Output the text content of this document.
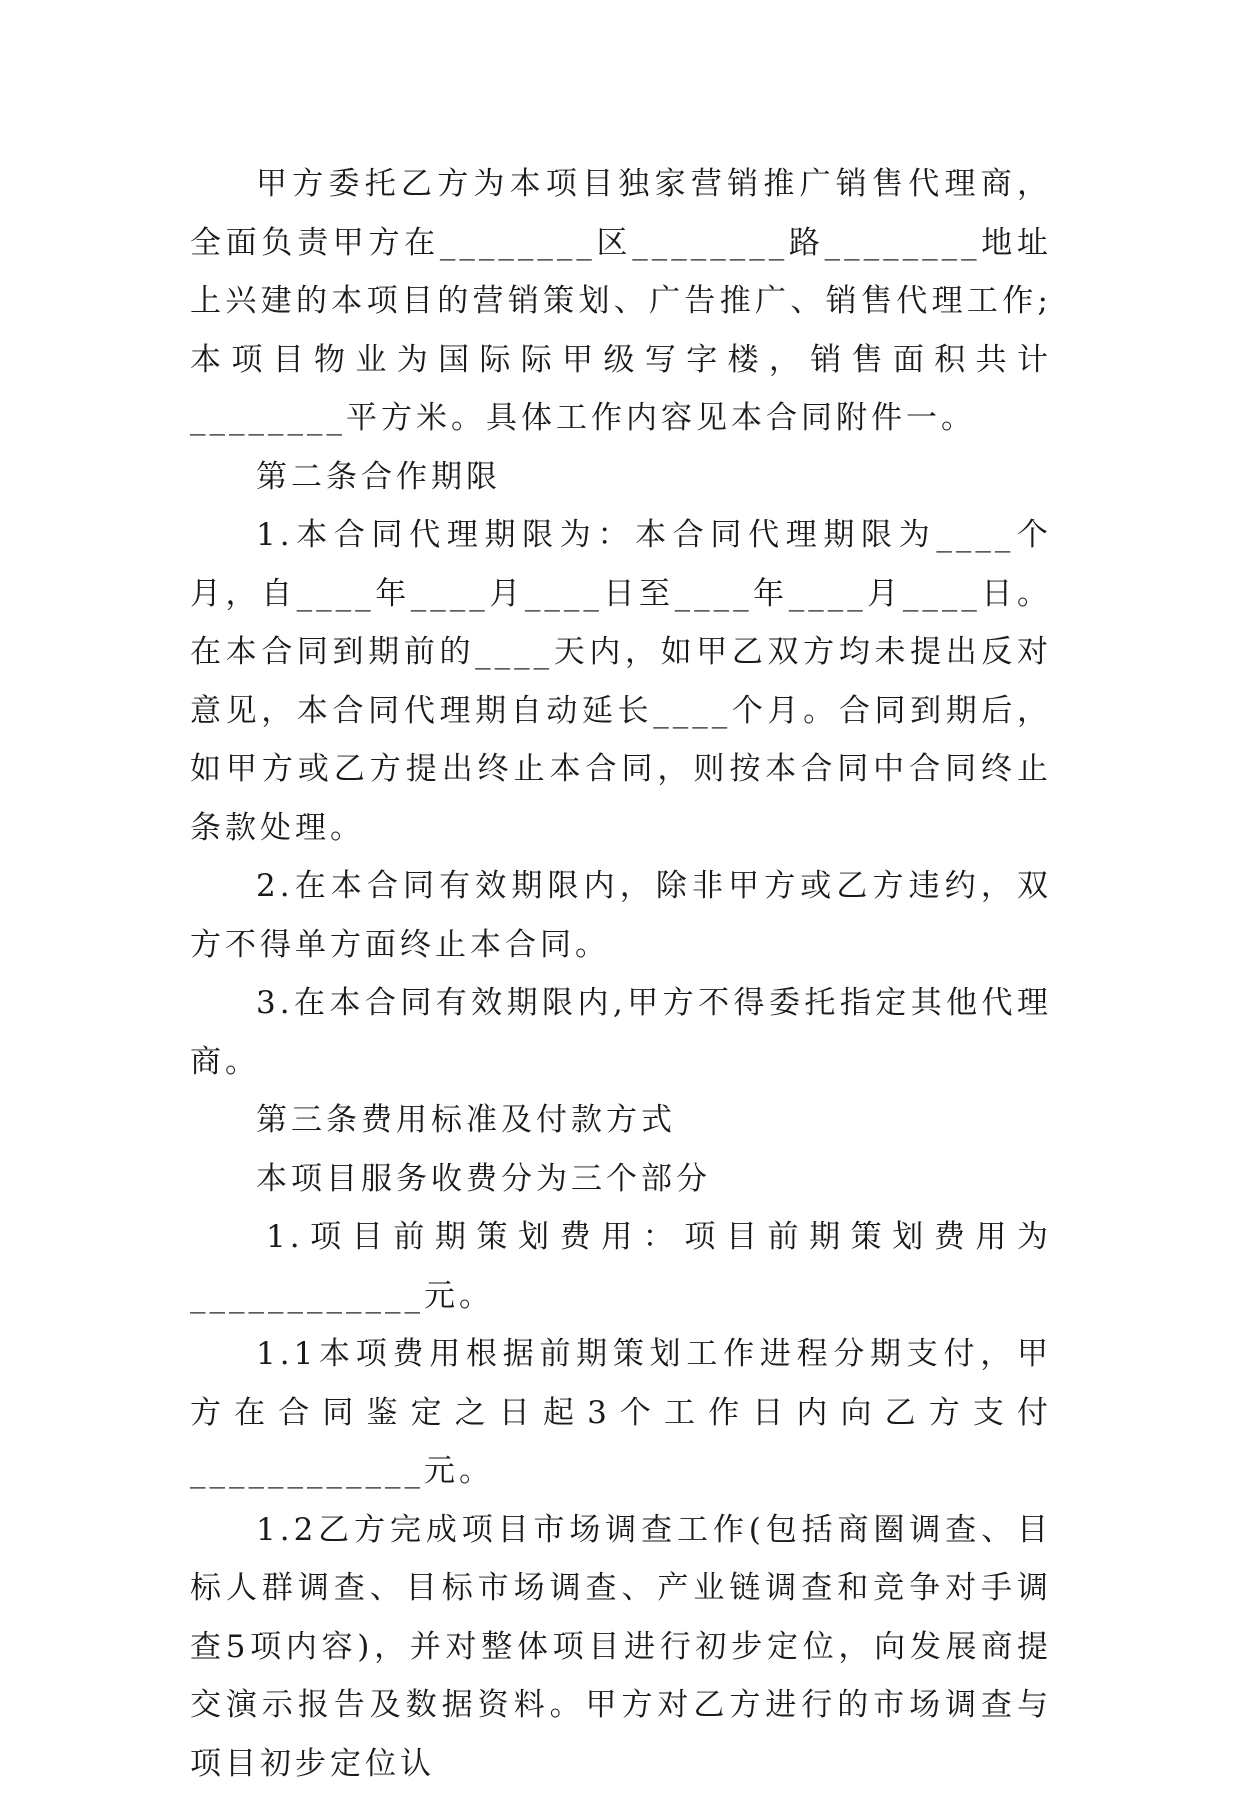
甲方委托乙方为本项目独家营销推广销售代理商，全面负责甲方在________区________路________地址上兴建的本项目的营销策划、广告推广、销售代理工作;本项目物业为国际际甲级写字楼，销售面积共计________平方米。具体工作内容见本合同附件一。

第二条合作期限

1.本合同代理期限为：本合同代理期限为____个月，自____年____月____日至____年____月____日。在本合同到期前的____天内，如甲乙双方均未提出反对意见，本合同代理期自动延长____个月。合同到期后，如甲方或乙方提出终止本合同，则按本合同中合同终止条款处理。

2.在本合同有效期限内，除非甲方或乙方违约，双方不得单方面终止本合同。

3.在本合同有效期限内,甲方不得委托指定其他代理商。

第三条费用标准及付款方式

本项目服务收费分为三个部分

1.项目前期策划费用：项目前期策划费用为____________元。

1.1本项费用根据前期策划工作进程分期支付，甲方在合同鉴定之日起3个工作日内向乙方支付____________元。

1.2乙方完成项目市场调查工作(包括商圈调查、目标人群调查、目标市场调查、产业链调查和竞争对手调查5项内容)，并对整体项目进行初步定位，向发展商提交演示报告及数据资料。甲方对乙方进行的市场调查与项目初步定位认
